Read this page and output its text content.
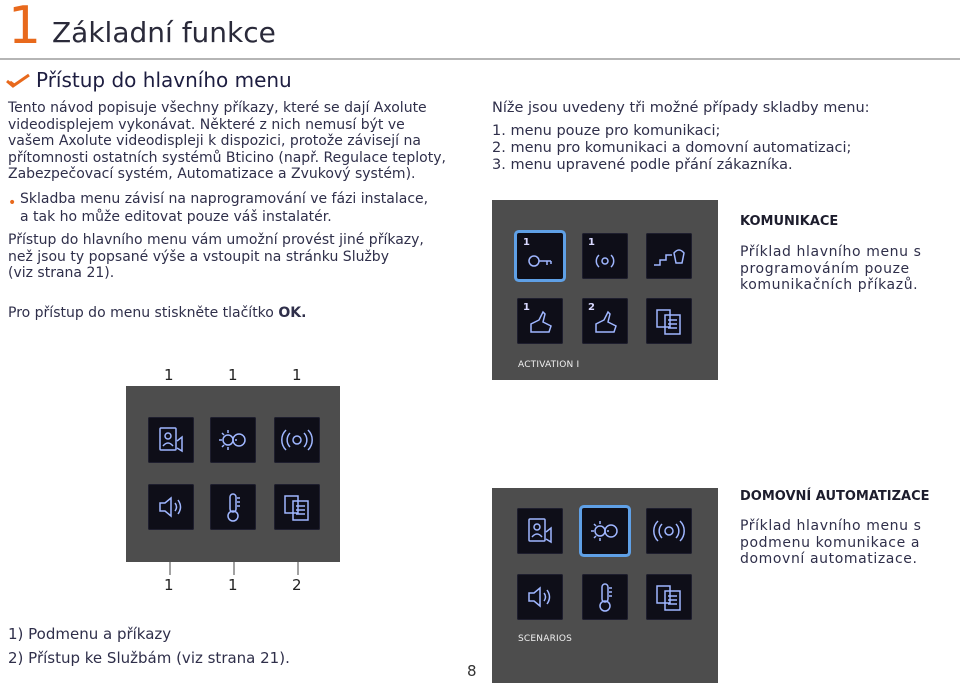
1 Základní funkce
Přístup do hlavního menu
Tento návod popisuje všechny příkazy, které se dají Axolute
videodisplejem vykonávat. Některé z nich nemusí být ve
vašem Axolute videodispleji k dispozici, protože závisejí na
přítomnosti ostatních systémů Bticino (např. Regulace teploty,
Zabezpečovací systém, Automatizace a Zvukový systém).
• Skladba menu závisí na naprogramování ve fázi instalace,
a tak ho může editovat pouze váš instalatér.
Přístup do hlavního menu vám umožní provést jiné příkazy,
než jsou ty popsané výše a vstoupit na stránku Služby
(viz strana 21).
Pro přístup do menu stiskněte tlačítko OK.
1	1	1
1	1	2
1) Podmenu a příkazy
2) Přístup ke Službám (viz strana 21).
Níže jsou uvedeny tři možné případy skladby menu:
1. menu pouze pro komunikaci;
2. menu pro komunikaci a domovní automatizaci;
3. menu upravené podle přání zákazníka.
1	1
1	2
ACTIVATION I
KOMUNIKACE
Příklad hlavního menu s
programováním pouze
komunikačních příkazů.
SCENARIOS
DOMOVNÍ AUTOMATIZACE
Příklad hlavního menu s
podmenu komunikace a
domovní automatizace.
8
